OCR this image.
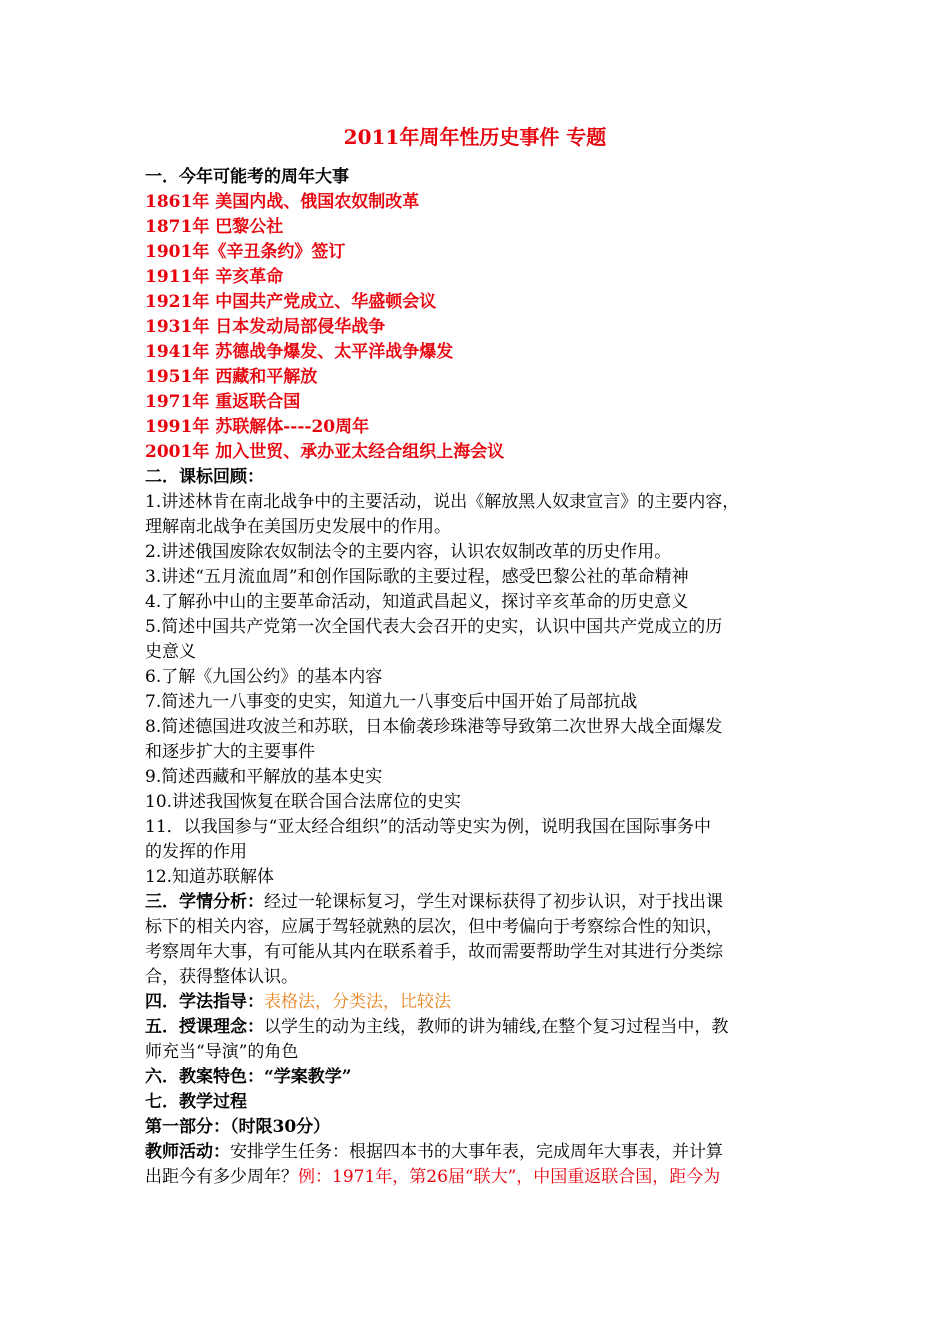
2011年周年性历史事件 专题
一．今年可能考的周年大事
1861年 美国内战、俄国农奴制改革
1871年 巴黎公社
1901年《辛丑条约》签订
1911年 辛亥革命
1921年 中国共产党成立、华盛顿会议
1931年 日本发动局部侵华战争
1941年 苏德战争爆发、太平洋战争爆发
1951年 西藏和平解放
1971年 重返联合国
1991年 苏联解体----20周年
2001年 加入世贸、承办亚太经合组织上海会议
二．课标回顾：
1.讲述林肯在南北战争中的主要活动，说出《解放黑人奴隶宣言》的主要内容，
理解南北战争在美国历史发展中的作用。
2.讲述俄国废除农奴制法令的主要内容，认识农奴制改革的历史作用。
3.讲述“五月流血周”和创作国际歌的主要过程，感受巴黎公社的革命精神
4.了解孙中山的主要革命活动，知道武昌起义，探讨辛亥革命的历史意义
5.简述中国共产党第一次全国代表大会召开的史实，认识中国共产党成立的历
史意义
6.了解《九国公约》的基本内容
7.简述九一八事变的史实，知道九一八事变后中国开始了局部抗战
8.简述德国进攻波兰和苏联，日本偷袭珍珠港等导致第二次世界大战全面爆发
和逐步扩大的主要事件
9.简述西藏和平解放的基本史实
10.讲述我国恢复在联合国合法席位的史实
11．以我国参与“亚太经合组织”的活动等史实为例，说明我国在国际事务中
的发挥的作用
12.知道苏联解体
三．学情分析：经过一轮课标复习，学生对课标获得了初步认识，对于找出课
标下的相关内容，应属于驾轻就熟的层次，但中考偏向于考察综合性的知识，
考察周年大事，有可能从其内在联系着手，故而需要帮助学生对其进行分类综
合，获得整体认识。
四．学法指导：表格法，分类法，比较法
五．授课理念：以学生的动为主线，教师的讲为辅线,在整个复习过程当中，教
师充当“导演”的角色
六．教案特色：“学案教学”
七．教学过程
第一部分：（时限30分）
教师活动：安排学生任务：根据四本书的大事年表，完成周年大事表，并计算
出距今有多少周年？例：1971年，第26届“联大”，中国重返联合国，距今为
